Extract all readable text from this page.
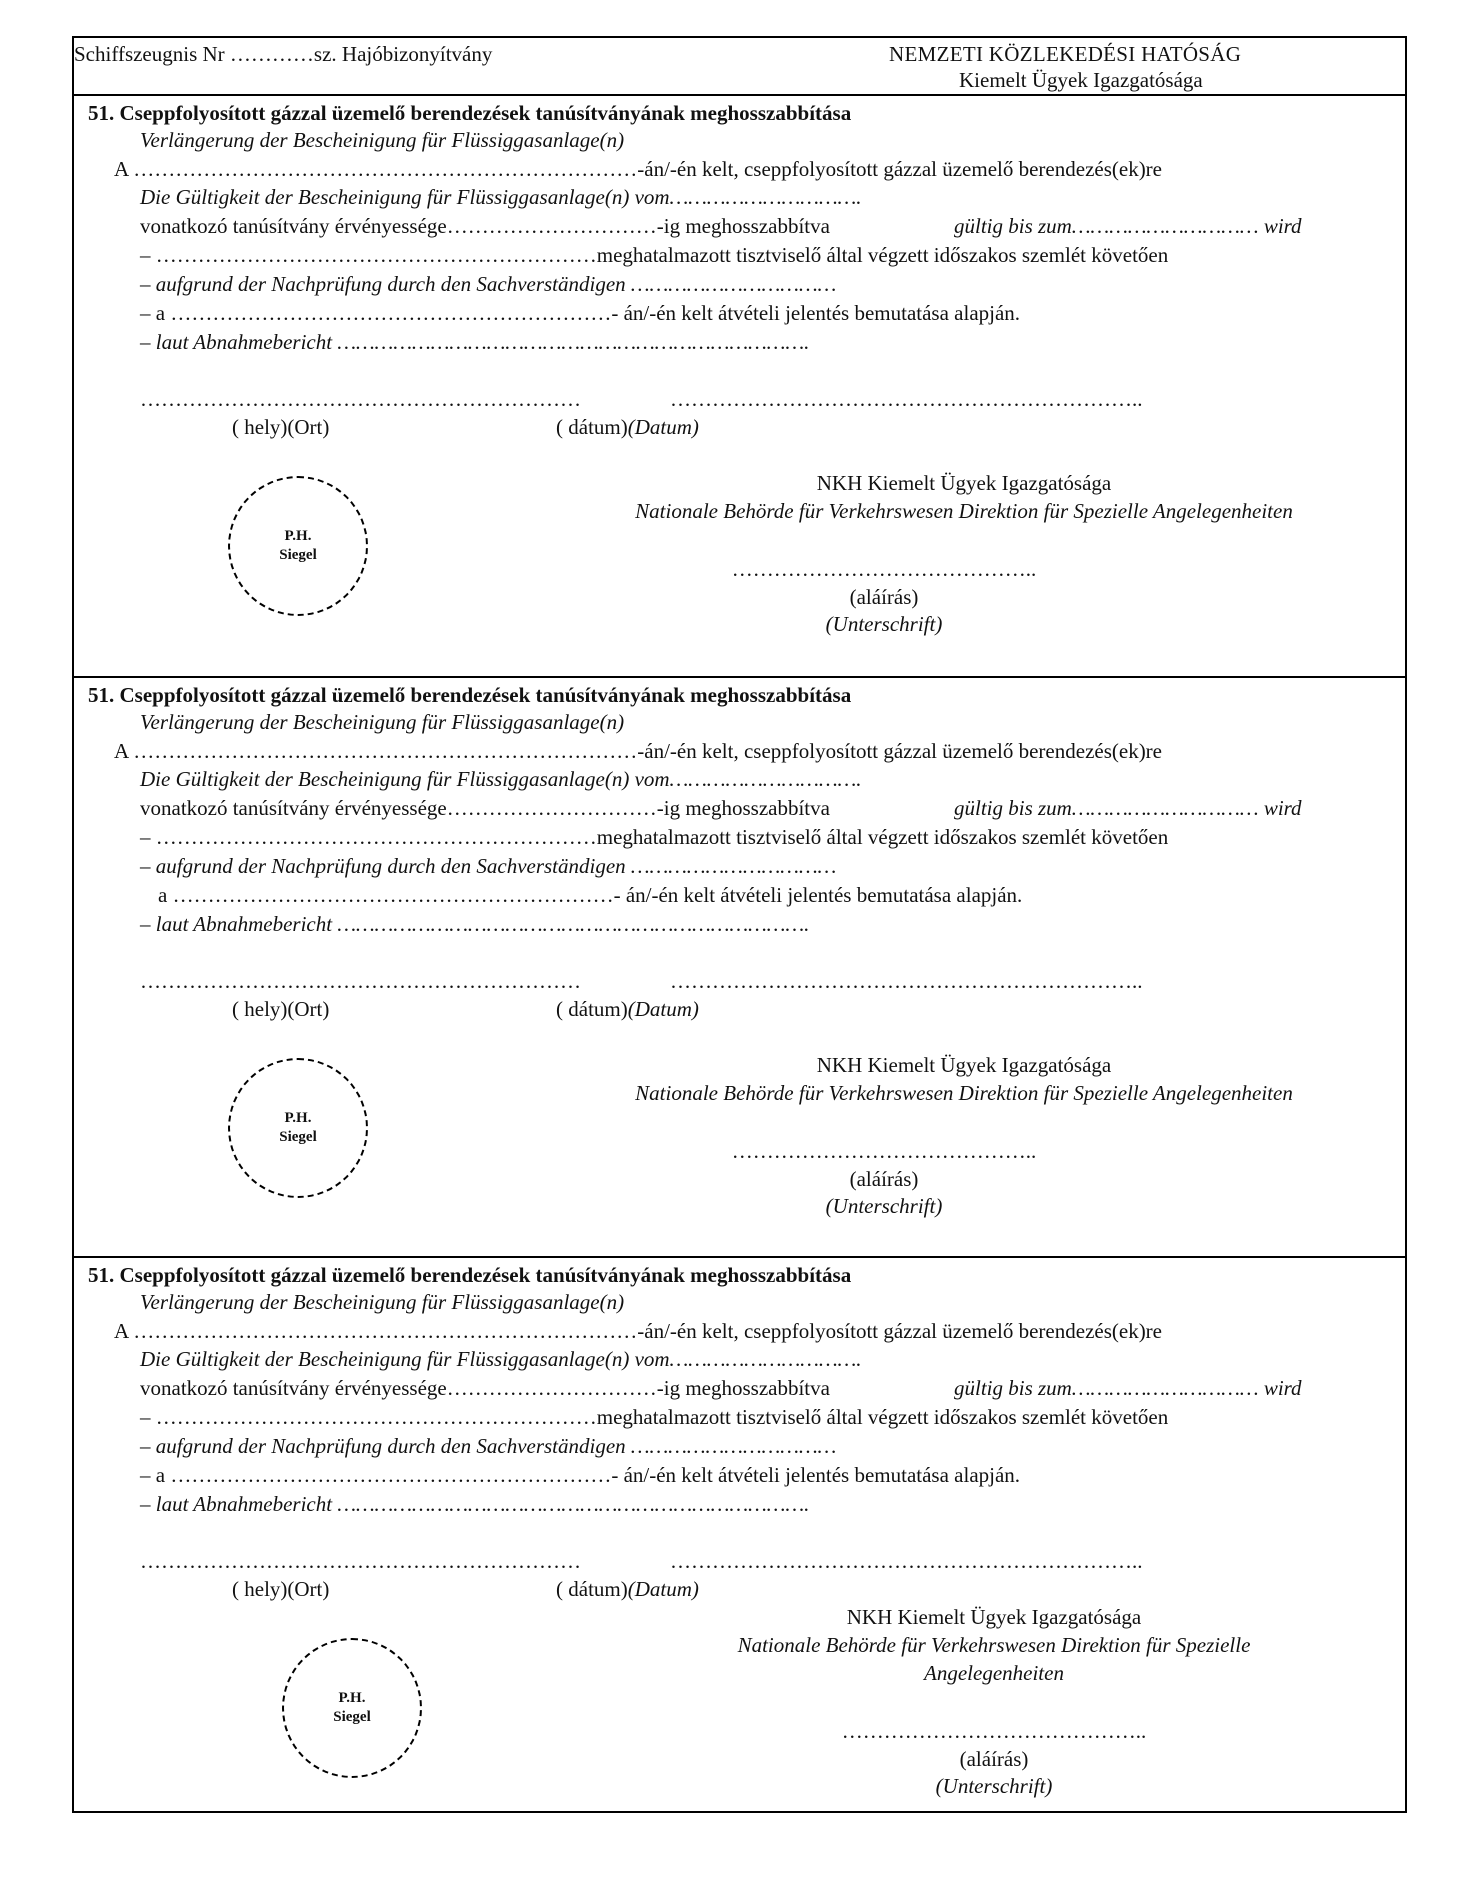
Schiffszeugnis Nr …………sz. Hajóbizonyítvány	NEMZETI KÖZLEKEDÉSI HATÓSÁG
Kiemelt Ügyek Igazgatósága
51. Cseppfolyosított gázzal üzemelő berendezések tanúsítványának meghosszabbítása
Verlängerung der Bescheinigung für Flüssiggasanlage(n)
A ………………………………………………………………-án/-én kelt, cseppfolyosított gázzal üzemelő berendezés(ek)re
Die Gültigkeit der Bescheinigung für Flüssiggasanlage(n) vom………………………….
vonatkozó tanúsítvány érvényessége…………………………-ig meghosszabbítva	gültig bis zum………………………… wird
– ………………………………………………………meghatalmazott tisztviselő által végzett időszakos szemlét követően
– aufgrund der Nachprüfung durch den Sachverständigen ……………………………
– a ………………………………………………………- án/-én kelt átvételi jelentés bemutatása alapján.
– laut Abnahmebericht ………………………………………………………………….
………………………………………………………	…………………………………………………………..
( hely)(Ort)	( dátum)(Datum)
P.H.
Siegel
NKH Kiemelt Ügyek Igazgatósága
Nationale Behörde für Verkehrswesen Direktion für Spezielle Angelegenheiten
……………………………………..
(aláírás)
(Unterschrift)
51. Cseppfolyosított gázzal üzemelő berendezések tanúsítványának meghosszabbítása
Verlängerung der Bescheinigung für Flüssiggasanlage(n)
A ………………………………………………………………-án/-én kelt, cseppfolyosított gázzal üzemelő berendezés(ek)re
Die Gültigkeit der Bescheinigung für Flüssiggasanlage(n) vom………………………….
vonatkozó tanúsítvány érvényessége…………………………-ig meghosszabbítva	gültig bis zum………………………… wird
– ………………………………………………………meghatalmazott tisztviselő által végzett időszakos szemlét követően
– aufgrund der Nachprüfung durch den Sachverständigen ……………………………
a ………………………………………………………- án/-én kelt átvételi jelentés bemutatása alapján.
– laut Abnahmebericht ………………………………………………………………….
………………………………………………………	…………………………………………………………..
( hely)(Ort)	( dátum)(Datum)
P.H.
Siegel
NKH Kiemelt Ügyek Igazgatósága
Nationale Behörde für Verkehrswesen Direktion für Spezielle Angelegenheiten
……………………………………..
(aláírás)
(Unterschrift)
51. Cseppfolyosított gázzal üzemelő berendezések tanúsítványának meghosszabbítása
Verlängerung der Bescheinigung für Flüssiggasanlage(n)
A ………………………………………………………………-án/-én kelt, cseppfolyosított gázzal üzemelő berendezés(ek)re
Die Gültigkeit der Bescheinigung für Flüssiggasanlage(n) vom………………………….
vonatkozó tanúsítvány érvényessége…………………………-ig meghosszabbítva	gültig bis zum………………………… wird
– ………………………………………………………meghatalmazott tisztviselő által végzett időszakos szemlét követően
– aufgrund der Nachprüfung durch den Sachverständigen ……………………………
– a ………………………………………………………- án/-én kelt átvételi jelentés bemutatása alapján.
– laut Abnahmebericht ………………………………………………………………….
………………………………………………………	…………………………………………………………..
( hely)(Ort)	( dátum)(Datum)
P.H.
Siegel
NKH Kiemelt Ügyek Igazgatósága
Nationale Behörde für Verkehrswesen Direktion für Spezielle
Angelegenheiten
……………………………………..
(aláírás)
(Unterschrift)
